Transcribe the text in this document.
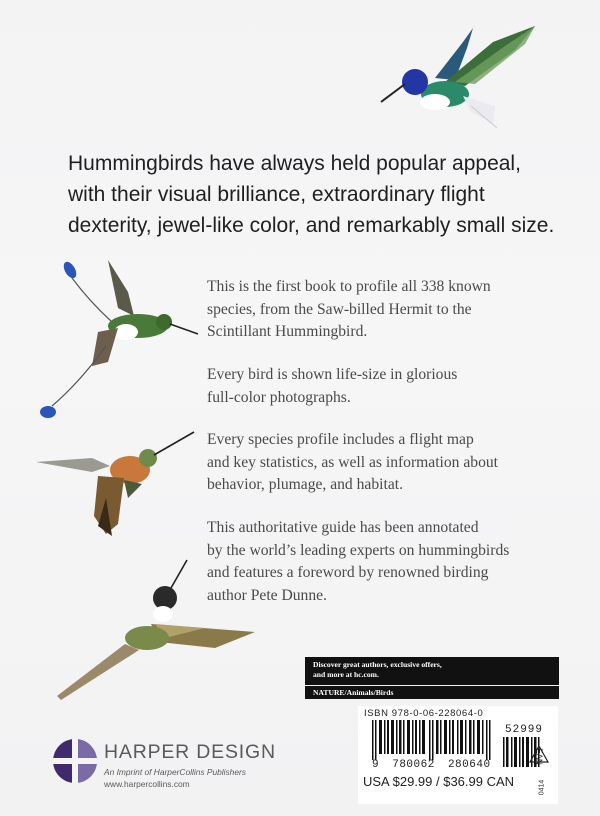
Hummingbirds have always held popular appeal,
with their visual brilliance, extraordinary flight
dexterity, jewel-like color, and remarkably small size.
This is the first book to profile all 338 known
species, from the Saw-billed Hermit to the
Scintillant Hummingbird.
Every bird is shown life-size in glorious
full-color photographs.
Every species profile includes a flight map
and key statistics, as well as information about
behavior, plumage, and habitat.
This authoritative guide has been annotated
by the world’s leading experts on hummingbirds
and features a foreword by renowned birding
author Pete Dunne.
Discover great authors, exclusive offers,
and more at hc.com.
NATURE/Animals/Birds
ISBN 978-0-06-228064-0
52999
EAN
9 780062 280640
USA $29.99 / $36.99 CAN	0414
HARPER DESIGN
An Imprint of HarperCollins Publishers
www.harpercollins.com
